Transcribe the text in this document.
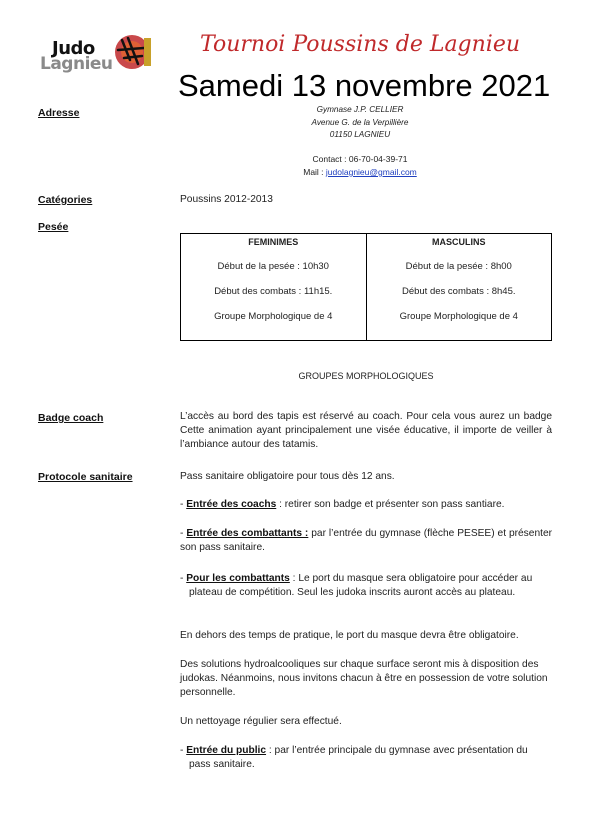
Judo
Lagnieu
Tournoi Poussins de Lagnieu
Samedi 13 novembre 2021
Adresse	Gymnase J.P. CELLIER
Avenue G. de la Verpillière
01150 LAGNIEU
Contact : 06-70-04-39-71
Mail : judolagnieu@gmail.com
Catégories	Poussins 2012-2013
Pesée
FEMINIMES
Début de la pesée : 10h30
Début des combats : 11h15.
Groupe Morphologique de 4

MASCULINS
Début de la pesée : 8h00
Début des combats : 8h45.
Groupe Morphologique de 4
GROUPES MORPHOLOGIQUES
Badge coach	L’accès au bord des tapis est réservé au coach. Pour cela vous aurez un badge Cette animation ayant principalement une visée éducative, il importe de veiller à l’ambiance autour des tatamis.
Protocole sanitaire	Pass sanitaire obligatoire pour tous dès 12 ans.
- Entrée des coachs : retirer son badge et présenter son pass santiare.
- Entrée des combattants : par l’entrée du gymnase (flèche PESEE) et présenter son pass sanitaire.
- Pour les combattants : Le port du masque sera obligatoire pour accéder au plateau de compétition. Seul les judoka inscrits auront accès au plateau.
En dehors des temps de pratique, le port du masque devra être obligatoire.
Des solutions hydroalcooliques sur chaque surface seront mis à disposition des judokas. Néanmoins, nous invitons chacun à être en possession de votre solution personnelle.
Un nettoyage régulier sera effectué.
- Entrée du public : par l’entrée principale du gymnase avec présentation du pass sanitaire.
